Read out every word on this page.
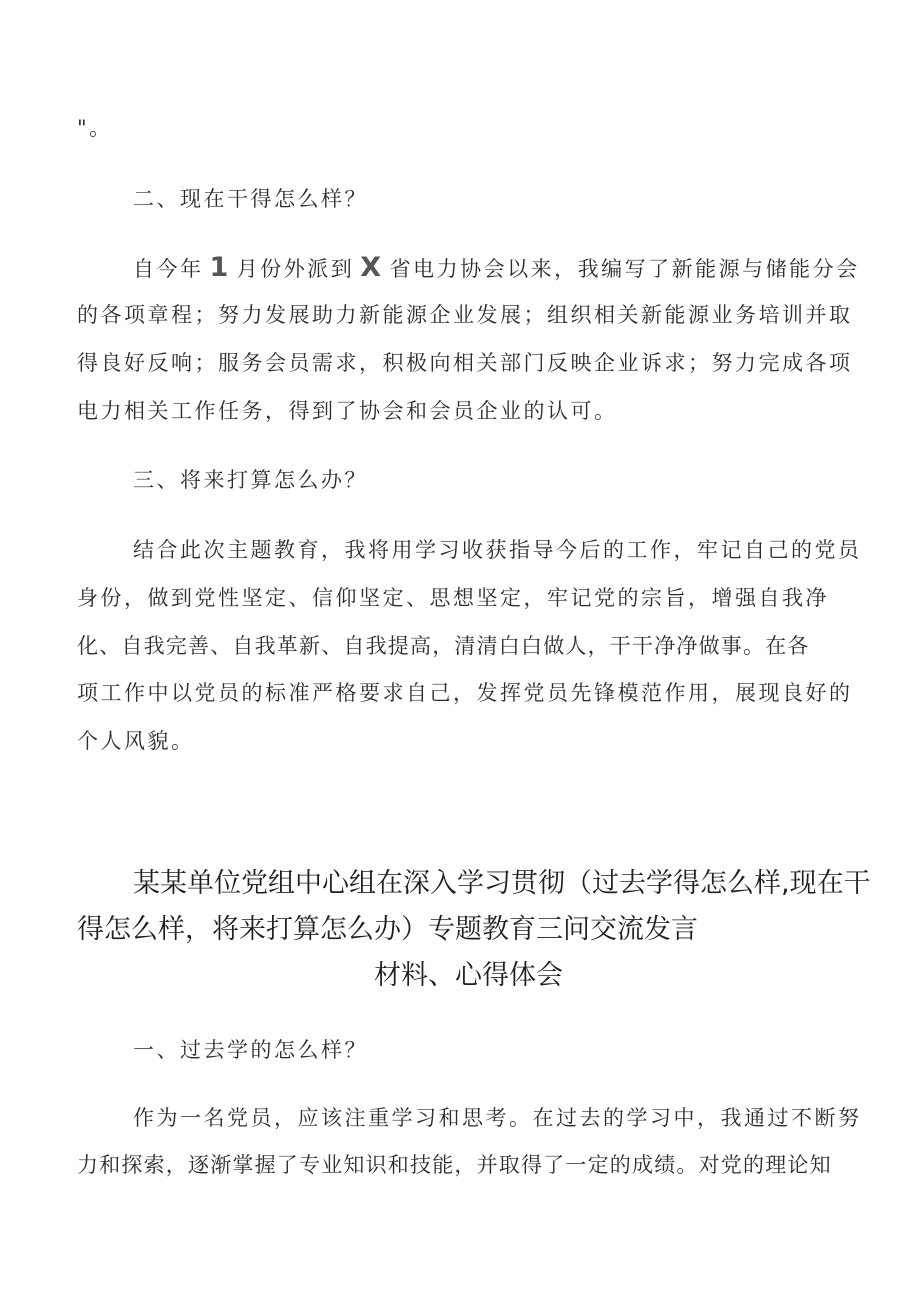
"。
二、现在干得怎么样？
自今年 1 月份外派到 X 省电力协会以来，我编写了新能源与储能分会
的各项章程；努力发展助力新能源企业发展；组织相关新能源业务培训并取
得良好反响；服务会员需求，积极向相关部门反映企业诉求；努力完成各项
电力相关工作任务，得到了协会和会员企业的认可。
三、将来打算怎么办？
结合此次主题教育，我将用学习收获指导今后的工作，牢记自己的党员
身份，做到党性坚定、信仰坚定、思想坚定，牢记党的宗旨，增强自我净
化、自我完善、自我革新、自我提高，清清白白做人，干干净净做事。在各
项工作中以党员的标准严格要求自己，发挥党员先锋模范作用，展现良好的
个人风貌。
某某单位党组中心组在深入学习贯彻（过去学得怎么样,现在干
得怎么样，将来打算怎么办）专题教育三问交流发言
材料、心得体会
一、过去学的怎么样？
作为一名党员，应该注重学习和思考。在过去的学习中，我通过不断努
力和探索，逐渐掌握了专业知识和技能，并取得了一定的成绩。对党的理论知
